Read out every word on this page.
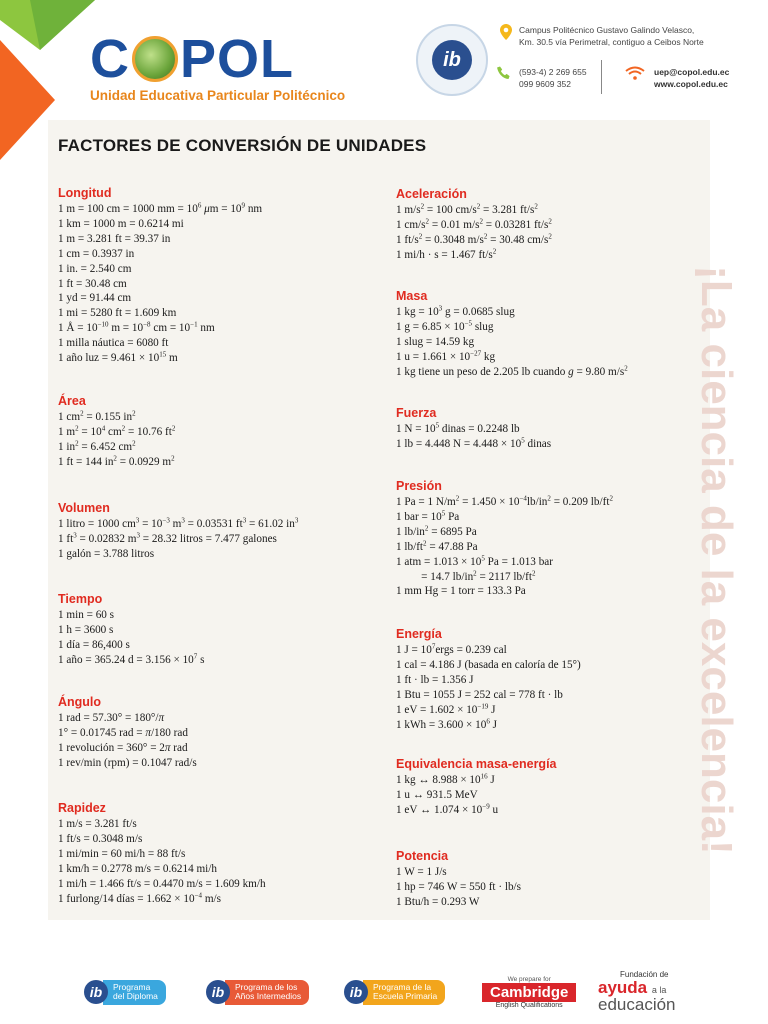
C POL
Unidad Educativa Particular Politécnico
ib
Campus Politécnico Gustavo Galindo Velasco,
Km. 30.5 vía Perimetral, contiguo a Ceibos Norte
(593-4) 2 269 655
099 9609 352
uep@copol.edu.ec
www.copol.edu.ec
¡La ciencia de la excelencia!
FACTORES DE CONVERSIÓN DE UNIDADES
Longitud
1 m = 100 cm = 1000 mm = $10^6$ $\mu m = 10^9$ nm
1 km = 1000 m = 0.6214 mi
1 m = 3.281 ft = 39.37 in
1 cm = 0.3937 in
1 in. = 2.540 cm
1 ft = 30.48 cm
1 yd = 91.44 cm
1 mi = 5280 ft = 1.609 km
1 Å = $10^{-10}$ $m = 10^{-8}$ cm = $10^{-1}$ nm
1 milla náutica = 6080 ft
1 año luz = $9.461 \times 10^{15}$ m
Área
1 $cm^2 = 0.155$ $in^2$
1 $m^2 = 10^4$ $cm^2 = 10.76$ $ft^2$
1 $in^2 = 6.452$ $cm^2$
1 ft = 144 $in^2 = 0.0929$ $m^2$
Volumen
1 litro = 1000 $cm^3 = 10^{-3}$ $m^3 = 0.03531$ $ft^3 = 61.02$ $in^3$
1 $ft^3 = 0.02832$ $m^3 = 28.32$ litros = 7.477 galones
1 galón = 3.788 litros
Tiempo
1 min = 60 s
1 h = 3600 s
1 día = 86,400 s
1 año = 365.24 $d = 3.156 \times 10^7$ s
Ángulo
1 rad = 57.30° = 180°/π
1° = 0.01745 rad = π/180 rad
1 revolución = 360° = 2π rad
1 rev/min (rpm) = 0.1047 rad/s
Rapidez
1 m/s = 3.281 ft/s
1 ft/s = 0.3048 m/s
1 mi/min = 60 mi/h = 88 ft/s
1 km/h = 0.2778 m/s = 0.6214 mi/h
1 mi/h = 1.466 ft/s = 0.4470 m/s = 1.609 km/h
1 furlong/14 días = $1.662 \times 10^{-4}$ m/s
Aceleración
1 $m/s^2 = 100$ $cm/s^2 = 3.281$ $ft/s^2$
1 $cm/s^2 = 0.01$ $m/s^2 = 0.03281$ $ft/s^2$
1 $ft/s^2 = 0.3048$ $m/s^2 = 30.48$ $cm/s^2$
1 mi/h · s = 1.467 $ft/s^2$
Masa
1 kg = $10^3$ g = 0.0685 slug
1 $g = 6.85 \times 10^{-5}$ slug
1 slug = 14.59 kg
1 $u = 1.661 \times 10^{-27}$ kg
1 kg tiene un peso de 2.205 lb cuando g = 9.80 $m/s^2$
Fuerza
1 $N = 10^5$ dinas = 0.2248 lb
1 lb = 4.448 $N = 4.448 \times 10^5$ dinas
Presión
1 Pa = 1 $N/m^2 = 1.450 \times 10^{-4}lb/in^2 = 0.209$ $lb/ft^2$
1 bar = $10^5$ Pa
1 $lb/in^2 = 6895$ Pa
1 $lb/ft^2 = 47.88$ Pa
1 atm = $1.013 \times 10^5$ Pa = 1.013 bar
= 14.7 $lb/in^2 = 2117$ $lb/ft^2$
1 mm Hg = 1 torr = 133.3 Pa
Energía
1 $J = 10^7ergs = 0.239$ cal
1 cal = 4.186 J (basada en caloría de 15°)
1 ft · lb = 1.356 J
1 Btu = 1055 J = 252 cal = 778 ft · lb
1 eV = $1.602 \times 10^{-19}$ J
1 kWh = $3.600 \times 10^6$ J
Equivalencia masa-energía
1 kg ↔ $8.988 \times 10^{16}$ J
1 u ↔ 931.5 MeV
1 eV ↔ $1.074 \times 10^{-9}$ u
Potencia
1 W = 1 J/s
1 hp = 746 W = 550 ft · lb/s
1 Btu/h = 0.293 W
ib	Programa
del Diploma	ib	Programa de los
Años Intermedios	ib	Programa de la
Escuela Primaria
We prepare for
Cambridge
English Qualifications
Fundación de
ayuda a la
educación
